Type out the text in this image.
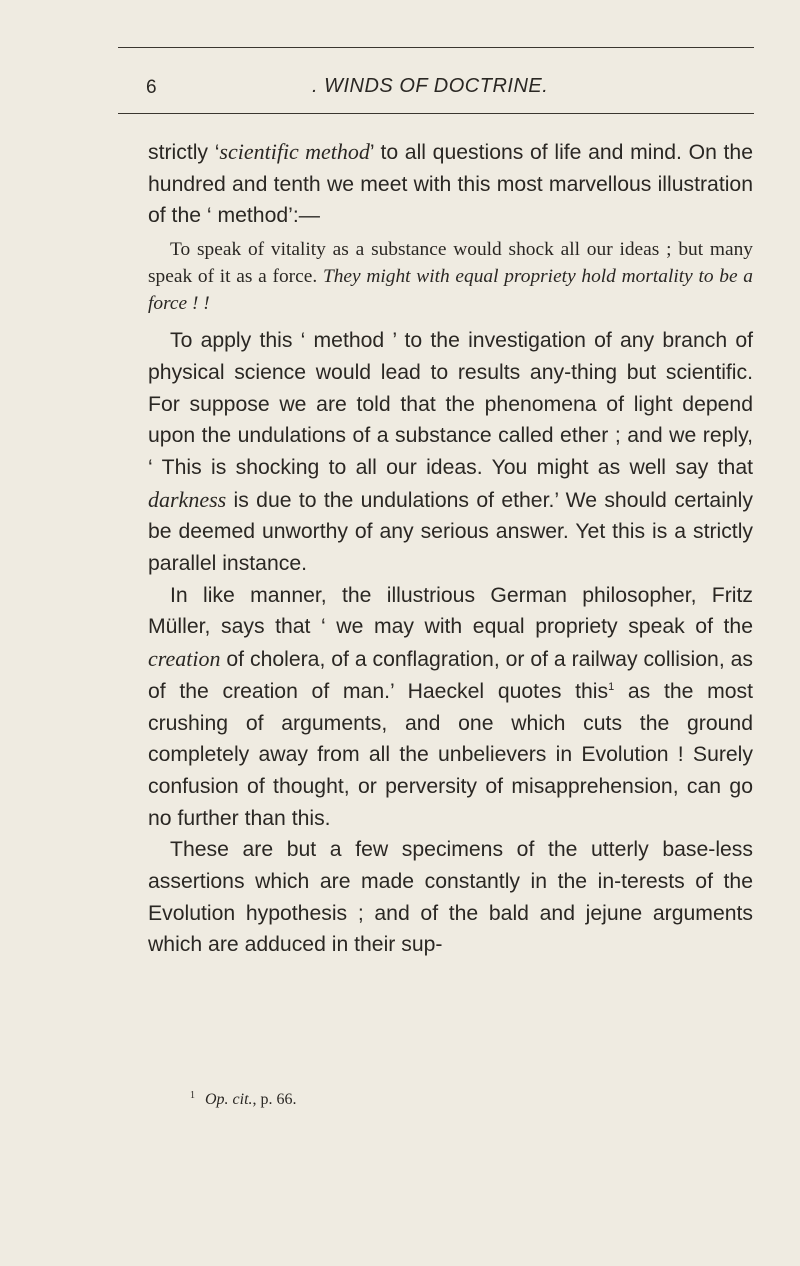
6	. WINDS OF DOCTRINE.

strictly ‘scientific method’ to all questions of life and mind. On the hundred and tenth we meet with this most marvellous illustration of the ‘ method’:—

To speak of vitality as a substance would shock all our ideas ; but many speak of it as a force. They might with equal propriety hold mortality to be a force ! !

To apply this ‘ method ’ to the investigation of any branch of physical science would lead to results any-thing but scientific. For suppose we are told that the phenomena of light depend upon the undulations of a substance called ether ; and we reply, ‘ This is shocking to all our ideas. You might as well say that darkness is due to the undulations of ether.’ We should certainly be deemed unworthy of any serious answer. Yet this is a strictly parallel instance.

In like manner, the illustrious German philosopher, Fritz Müller, says that ‘ we may with equal propriety speak of the creation of cholera, of a conflagration, or of a railway collision, as of the creation of man.’ Haeckel quotes this$^1$ as the most crushing of arguments, and one which cuts the ground completely away from all the unbelievers in Evolution ! Surely confusion of thought, or perversity of misapprehension, can go no further than this.

These are but a few specimens of the utterly base-less assertions which are made constantly in the in-terests of the Evolution hypothesis ; and of the bald and jejune arguments which are adduced in their sup-

$^1$ Op. cit., p. 66.
